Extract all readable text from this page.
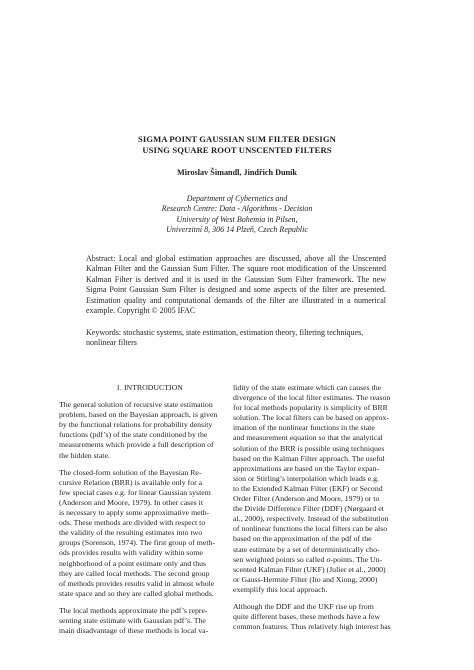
SIGMA POINT GAUSSIAN SUM FILTER DESIGN
USING SQUARE ROOT UNSCENTED FILTERS
Miroslav Šimandl, Jindřich Duník
Department of Cybernetics and
Research Centre: Data - Algorithms - Decision
University of West Bohemia in Pilsen,
Univerzitní 8, 306 14 Plzeň, Czech Republic
Abstract: Local and global estimation approaches are discussed, above all the Unscented Kalman Filter and the Gaussian Sum Filter. The square root modification of the Unscented Kalman Filter is derived and it is used in the Gaussian Sum Filter framework. The new Sigma Point Gaussian Sum Filter is designed and some aspects of the filter are presented. Estimation quality and computational demands of the filter are illustrated in a numerical example. Copyright © 2005 IFAC
Keywords: stochastic systems, state estimation, estimation theory, filtering techniques, nonlinear filters
1. INTRODUCTION

The general solution of recursive state estimation
problem, based on the Bayesian approach, is given
by the functional relations for probability density
functions (pdf’s) of the state conditioned by the
measurements which provide a full description of
the hidden state.

The closed-form solution of the Bayesian Re-
cursive Relation (BRR) is available only for a
few special cases e.g. for linear Gaussian system
(Anderson and Moore, 1979). In other cases it
is necessary to apply some approximative meth-
ods. These methods are divided with respect to
the validity of the resulting estimates into two
groups (Sorenson, 1974). The first group of meth-
ods provides results with validity within some
neighborhood of a point estimate only and thus
they are called local methods. The second group
of methods provides results valid in almost whole
state space and so they are called global methods.

The local methods approximate the pdf’s repre-
senting state estimate with Gaussian pdf’s. The
main disadvantage of these methods is local va-

lidity of the state estimate which can causes the
divergence of the local filter estimates. The reason
for local methods popularity is simplicity of BRR
solution. The local filters can be based on approx-
imation of the nonlinear functions in the state
and measurement equation so that the analytical
solution of the BRR is possible using techniques
based on the Kalman Filter approach. The useful
approximations are based on the Taylor expan-
sion or Stirling’s interpolation which leads e.g.
to the Extended Kalman Filter (EKF) or Second
Order Filter (Anderson and Moore, 1979) or to
the Divide Difference Filter (DDF) (Nørgaard et
al., 2000), respectively. Instead of the substitution
of nonlinear functions the local filters can be also
based on the approximation of the pdf of the
state estimate by a set of deterministically cho-
sen weighted points so called σ-points. The Un-
scented Kalman Filter (UKF) (Julier et al., 2000)
or Gauss-Hermite Filter (Ito and Xiong, 2000)
exemplify this local approach.

Although the DDF and the UKF rise up from
quite different bases, these methods have a few
common features. Thus relatively high interest has
